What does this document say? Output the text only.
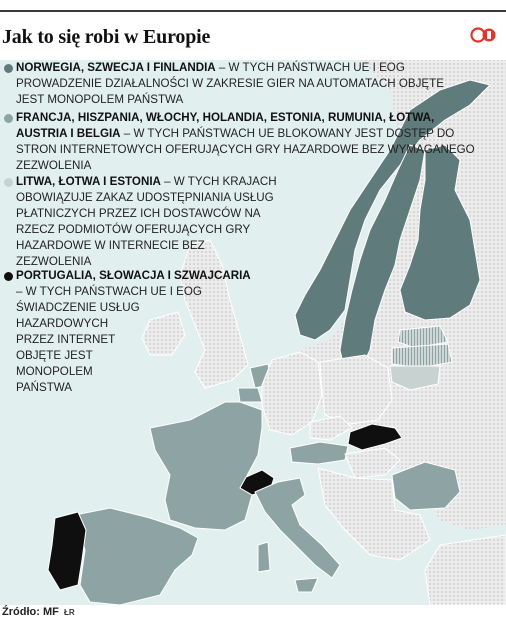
Jak to się robi w Europie
NORWEGIA, SZWECJA I FINLANDIA – W TYCH PAŃSTWACH UE I EOG
PROWADZENIE DZIAŁALNOŚCI W ZAKRESIE GIER NA AUTOMATACH OBJĘTE
JEST MONOPOLEM PAŃSTWA
FRANCJA, HISZPANIA, WŁOCHY, HOLANDIA, ESTONIA, RUMUNIA, ŁOTWA,
AUSTRIA I BELGIA – W TYCH PAŃSTWACH UE BLOKOWANY JEST DOSTĘP DO
STRON INTERNETOWYCH OFERUJĄCYCH GRY HAZARDOWE BEZ WYMAGANEGO
ZEZWOLENIA
LITWA, ŁOTWA I ESTONIA – W TYCH KRAJACH
OBOWIĄZUJE ZAKAZ UDOSTĘPNIANIA USŁUG
PŁATNICZYCH PRZEZ ICH DOSTAWCÓW NA
RZECZ PODMIOTÓW OFERUJĄCYCH GRY
HAZARDOWE W INTERNECIE BEZ
ZEZWOLENIA
PORTUGALIA, SŁOWACJA I SZWAJCARIA
– W TYCH PAŃSTWACH UE I EOG
ŚWIADCZENIE USŁUG
HAZARDOWYCH
PRZEZ INTERNET
OBJĘTE JEST
MONOPOLEM
PAŃSTWA
Źródło: MF ŁR
